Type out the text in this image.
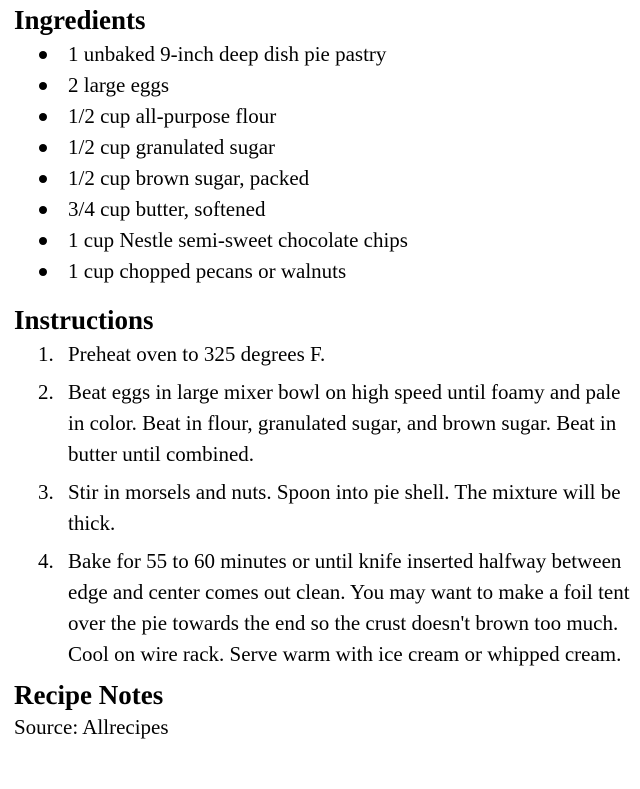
Ingredients
1 unbaked 9-inch deep dish pie pastry
2 large eggs
1/2 cup all-purpose flour
1/2 cup granulated sugar
1/2 cup brown sugar, packed
3/4 cup butter, softened
1 cup Nestle semi-sweet chocolate chips
1 cup chopped pecans or walnuts
Instructions
1. Preheat oven to 325 degrees F.
2. Beat eggs in large mixer bowl on high speed until foamy and pale in color. Beat in flour, granulated sugar, and brown sugar. Beat in butter until combined.
3. Stir in morsels and nuts. Spoon into pie shell. The mixture will be thick.
4. Bake for 55 to 60 minutes or until knife inserted halfway between edge and center comes out clean. You may want to make a foil tent over the pie towards the end so the crust doesn't brown too much. Cool on wire rack. Serve warm with ice cream or whipped cream.
Recipe Notes
Source: Allrecipes
